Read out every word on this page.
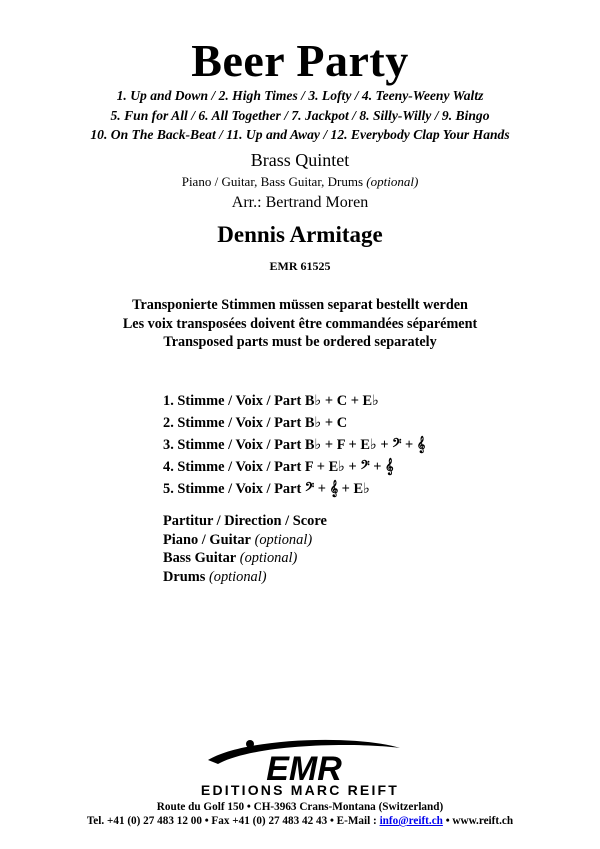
Beer Party
1. Up and Down / 2. High Times / 3. Lofty / 4. Teeny-Weeny Waltz
5. Fun for All / 6. All Together / 7. Jackpot / 8. Silly-Willy / 9. Bingo
10. On The Back-Beat / 11. Up and Away / 12. Everybody Clap Your Hands
Brass Quintet
Piano / Guitar, Bass Guitar, Drums (optional)
Arr.: Bertrand Moren
Dennis Armitage
EMR 61525
Transponierte Stimmen müssen separat bestellt werden
Les voix transposées doivent être commandées séparément
Transposed parts must be ordered separately
1. Stimme / Voix / Part B♭ + C + E♭
2. Stimme / Voix / Part B♭ + C
3. Stimme / Voix / Part B♭ + F + E♭ + 𝄢 + 𝄞
4. Stimme / Voix / Part F + E♭ + 𝄢 + 𝄞
5. Stimme / Voix / Part 𝄢 + 𝄞 + E♭
Partitur / Direction / Score
Piano / Guitar (optional)
Bass Guitar (optional)
Drums (optional)
EMR
EDITIONS MARC REIFT
Route du Golf 150 • CH-3963 Crans-Montana (Switzerland)
Tel. +41 (0) 27 483 12 00 • Fax +41 (0) 27 483 42 43 • E-Mail : info@reift.ch • www.reift.ch
